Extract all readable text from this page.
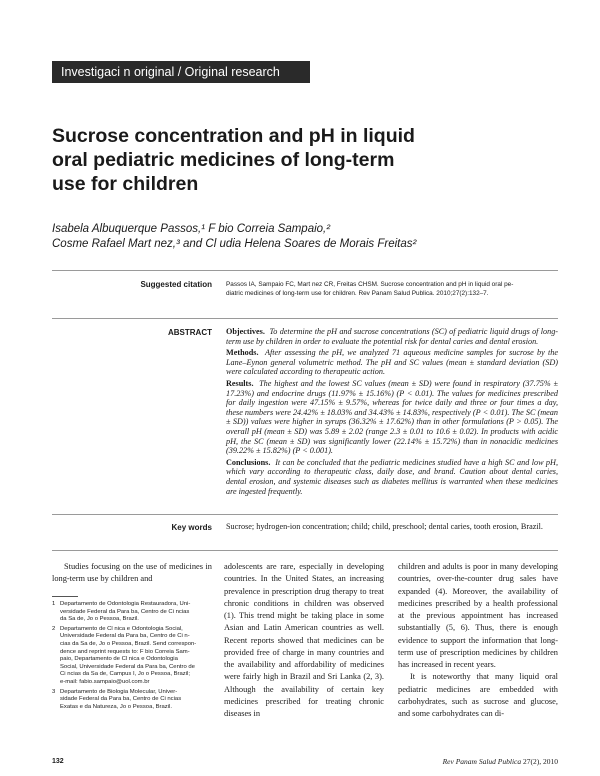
Investigaci n original / Original research
Sucrose concentration and pH in liquid
oral pediatric medicines of long-term
use for children
Isabela Albuquerque Passos,¹ F bio Correia Sampaio,²
Cosme Rafael Mart nez,³ and Cl udia Helena Soares de Morais Freitas²
Suggested citation Passos IA, Sampaio FC, Mart nez CR, Freitas CHSM. Sucrose concentration and pH in liquid oral pe-
diatric medicines of long-term use for children. Rev Panam Salud Publica. 2010;27(2):132–7.
ABSTRACT Objectives. To determine the pH and sucrose concentrations (SC) of pediatric liquid drugs of long-term use by children in order to evaluate the potential risk for dental caries and dental erosion.

Methods. After assessing the pH, we analyzed 71 aqueous medicine samples for sucrose by the Lane–Eynon general volumetric method. The pH and SC values (mean ± standard deviation (SD) were calculated according to therapeutic action.

Results. The highest and the lowest SC values (mean ± SD) were found in respiratory (37.75% ± 17.23%) and endocrine drugs (11.97% ± 15.16%) (P < 0.01). The values for medicines prescribed for daily ingestion were 47.15% ± 9.57%, whereas for twice daily and three or four times a day, these numbers were 24.42% ± 18.03% and 34.43% ± 14.83%, respectively (P < 0.01). The SC (mean ± SD)) values were higher in syrups (36.32% ± 17.62%) than in other formulations (P > 0.05). The overall pH (mean ± SD) was 5.89 ± 2.02 (range 2.3 ± 0.01 to 10.6 ± 0.02). In products with acidic pH, the SC (mean ± SD) was significantly lower (22.14% ± 15.72%) than in nonacidic medicines (39.22% ± 15.82%) (P < 0.001).

Conclusions. It can be concluded that the pediatric medicines studied have a high SC and low pH, which vary according to therapeutic class, daily dose, and brand. Caution about dental caries, dental erosion, and systemic diseases such as diabetes mellitus is warranted when these medicines are ingested frequently.

Key words Sucrose; hydrogen-ion concentration; child; child, preschool; dental caries, tooth erosion, Brazil.

Studies focusing on the use of medicines in long-term use by children and

adolescents are rare, especially in developing countries. In the United States, an increasing prevalence in prescription drug therapy to treat chronic conditions in children was observed (1). This trend might be taking place in some Asian and Latin American countries as well. Recent reports showed that medicines can be provided free of charge in many countries and the availability and affordability of medicines were fairly high in Brazil and Sri Lanka (2, 3). Although the availability of certain key medicines prescribed for treating chronic diseases in

children and adults is poor in many developing countries, over-the-counter drug sales have expanded (4). Moreover, the availability of medicines prescribed by a health professional at the previous appointment has increased substantially (5, 6). Thus, there is enough evidence to support the information that long-term use of prescription medicines by children has increased in recent years.

It is noteworthy that many liquid oral pediatric medicines are embedded with carbohydrates, such as sucrose and glucose, and some carbohydrates can di-

1 Departamento de Odontologia Restauradora, Uni-
versidade Federal da Para ba, Centro de Ci ncias
da Sa de, Jo o Pessoa, Brazil.
2 Departamento de Cl nica e Odontologia Social,
Universidade Federal da Para ba, Centro de Ci n-
cias da Sa de, Jo o Pessoa, Brazil. Send correspon-
dence and reprint requests to: F bio Correia Sam-
paio, Departamento de Cl nica e Odontologia
Social, Universidade Federal da Para ba, Centro de
Ci ncias da Sa de, Campus I, Jo o Pessoa, Brazil;
e-mail: fabio.sampaio@uol.com.br
3 Departamento de Biologia Molecular, Univer-
sidade Federal da Para ba, Centro de Ci ncias
Exatas e da Natureza, Jo o Pessoa, Brazil.
132	Rev Panam Salud Publica 27(2), 2010
